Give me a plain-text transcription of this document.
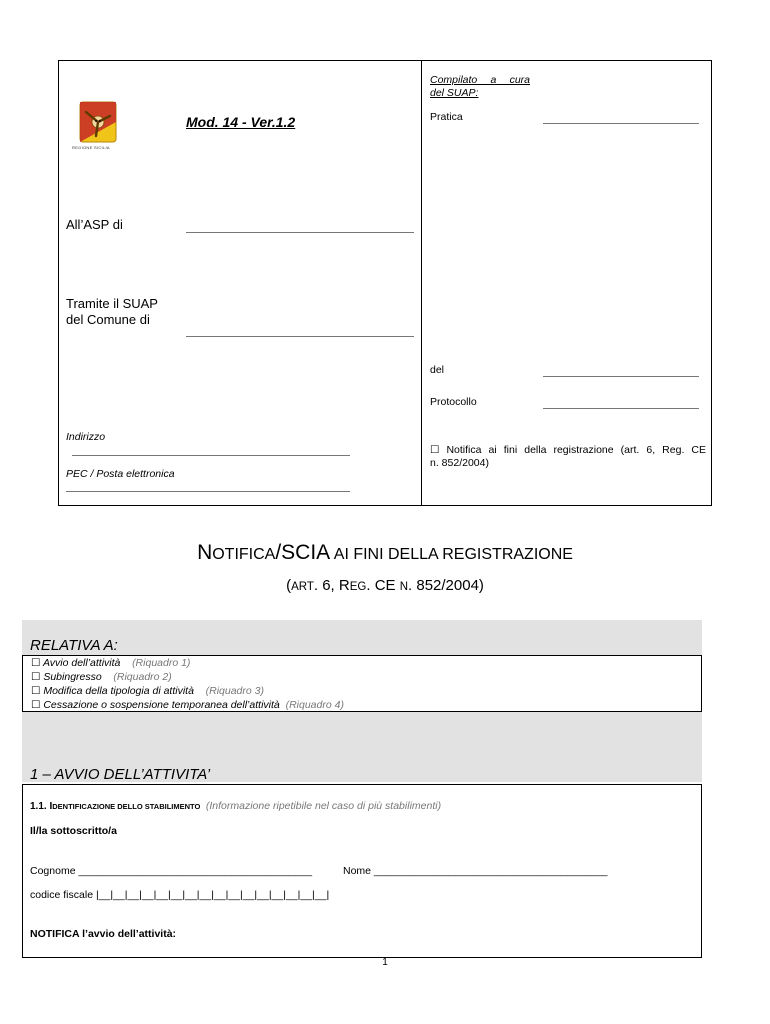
REGIONE SICILIA
Mod. 14 - Ver.1.2
All’ASP di
Tramite il SUAP
del Comune di
Indirizzo
PEC / Posta elettronica
Compilato a cura
del SUAP:
Pratica
del
Protocollo
☐ Notifica ai fini della registrazione (art. 6, Reg. CE
n. 852/2004)
NOTIFICA/SCIA AI FINI DELLA REGISTRAZIONE
(ART. 6, REG. CE N. 852/2004)
RELATIVA A:
☐ Avvio dell’attività (Riquadro 1)
☐ Subingresso (Riquadro 2)
☐ Modifica della tipologia di attività (Riquadro 3)
☐ Cessazione o sospensione temporanea dell’attività (Riquadro 4)
1 – AVVIO DELL’ATTIVITA’
1.1. IDENTIFICAZIONE DELLO STABILIMENTO (Informazione ripetibile nel caso di più stabilimenti)
Il/la sottoscritto/a
Cognome ________________________________________	Nome ________________________________________
codice fiscale |__|__|__|__|__|__|__|__|__|__|__|__|__|__|__|__|
NOTIFICA l’avvio dell’attività:
1
